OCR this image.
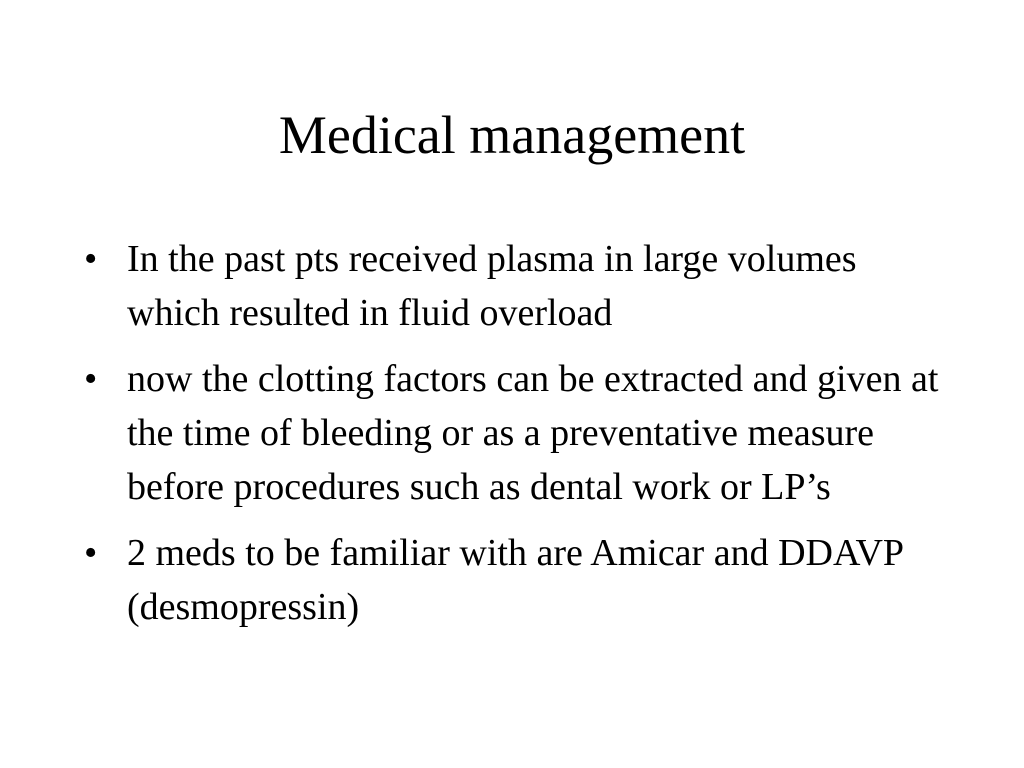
Medical management
• In the past pts received plasma in large volumes which resulted in fluid overload
• now the clotting factors can be extracted and given at the time of bleeding or as a preventative measure before procedures such as dental work or LP’s
• 2 meds to be familiar with are Amicar and DDAVP (desmopressin)
